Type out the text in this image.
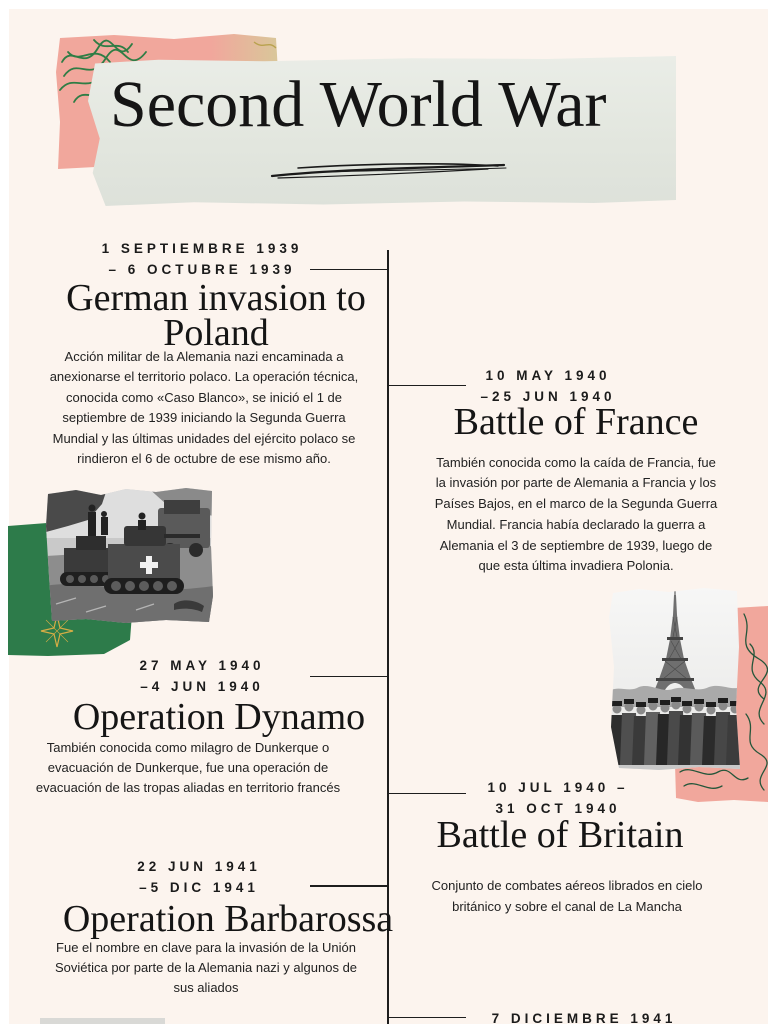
Second World War
1 SEPTIEMBRE 1939
– 6 OCTUBRE 1939
German invasion to Poland
Acción militar de la Alemania nazi encaminada a
anexionarse el territorio polaco. La operación técnica,
conocida como «Caso Blanco», se inició el 1 de
septiembre de 1939 iniciando la Segunda Guerra
Mundial y las últimas unidades del ejército polaco se
rindieron el 6 de octubre de ese mismo año.
10 MAY 1940
–25 JUN 1940
Battle of France
También conocida como la caída de Francia, fue
la invasión por parte de Alemania a Francia y los
Países Bajos, en el marco de la Segunda Guerra
Mundial. Francia había declarado la guerra a
Alemania el 3 de septiembre de 1939, luego de
que esta última invadiera Polonia.
27 MAY 1940
–4 JUN 1940
Operation Dynamo
También conocida como milagro de Dunkerque o
evacuación de Dunkerque, fue una operación de
evacuación de las tropas aliadas en territorio francés	10 JUL 1940 –
31 OCT 1940
Battle of Britain
Conjunto de combates aéreos librados en cielo
británico y sobre el canal de La Mancha
22 JUN 1941
–5 DIC 1941
Operation Barbarossa
Fue el nombre en clave para la invasión de la Unión
Soviética por parte de la Alemania nazi y algunos de
sus aliados
7 DICIEMBRE 1941
